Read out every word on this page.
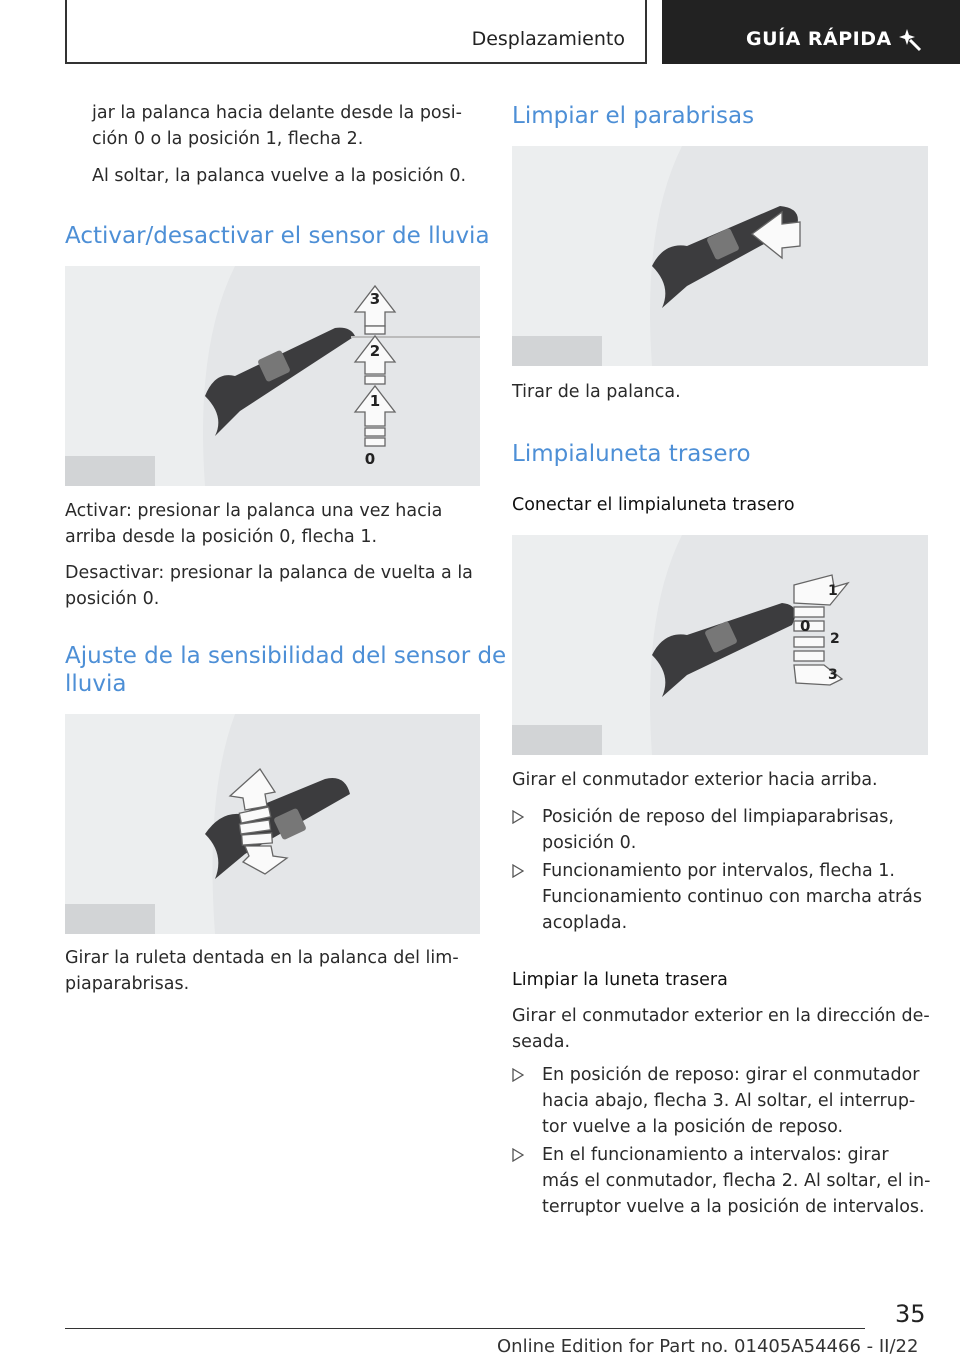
Desplazamiento	GUÍA RÁPIDA

jar la palanca hacia delante desde la posi-

ción 0 o la posición 1, flecha 2.

Al soltar, la palanca vuelve a la posición 0.

Activar/desactivar el sensor de lluvia
3
2
1
0

Activar: presionar la palanca una vez hacia

arriba desde la posición 0, flecha 1.

Desactivar: presionar la palanca de vuelta a la

posición 0.

Ajuste de la sensibilidad del sensor de
lluvia

Girar la ruleta dentada en la palanca del lim-

piaparabrisas.

Limpiar el parabrisas

Tirar de la palanca.

Limpialuneta trasero
Conectar el limpialuneta trasero
1
0
2
3

Girar el conmutador exterior hacia arriba.

Posición de reposo del limpiaparabrisas,

posición 0.

Funcionamiento por intervalos, flecha 1.

Funcionamiento continuo con marcha atrás

acoplada.

Limpiar la luneta trasera

Girar el conmutador exterior en la dirección de-

seada.

En posición de reposo: girar el conmutador

hacia abajo, flecha 3. Al soltar, el interrup-

tor vuelve a la posición de reposo.

En el funcionamiento a intervalos: girar

más el conmutador, flecha 2. Al soltar, el in-

terruptor vuelve a la posición de intervalos.

35
Online Edition for Part no. 01405A54466 - II/22
